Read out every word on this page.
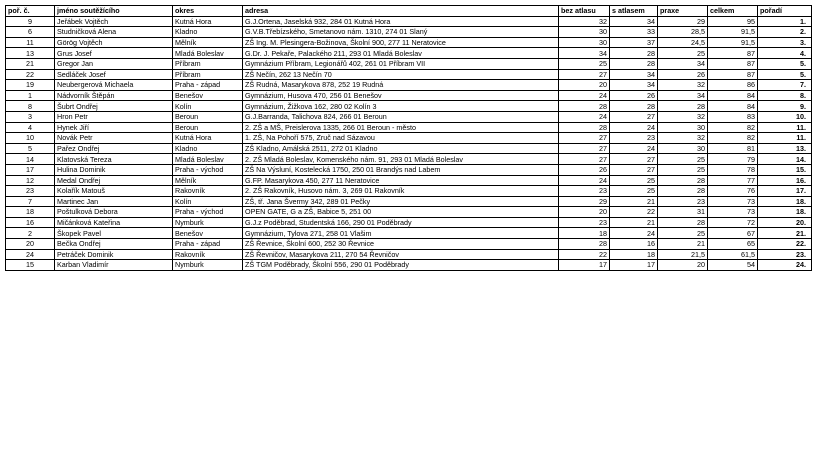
poř. č.	jméno soutěžícího	okres	adresa	bez atlasu	s atlasem	praxe	celkem	pořadí
9	Jeřábek Vojtěch	Kutná Hora	G.J.Ortena, Jaselská 932, 284 01 Kutná Hora	32	34	29	95	1.
6	Studničková Alena	Kladno	G.V.B.Třebízského, Smetanovo nám. 1310, 274 01 Slaný	30	33	28,5	91,5	2.
11	Görög Vojtěch	Mělník	ZŠ Ing. M. Plesingera-Božinova, Školní 900, 277 11 Neratovice	30	37	24,5	91,5	3.
13	Grus Josef	Mladá Boleslav	G.Dr. J. Pekaře, Palackého 211, 293 01 Mladá Boleslav	34	28	25	87	4.
21	Gregor Jan	Příbram	Gymnázium Příbram, Legionářů 402, 261 01 Příbram VII	25	28	34	87	5.
22	Sedláček Josef	Příbram	ZŠ Nečín, 262 13 Nečín 70	27	34	26	87	5.
19	Neubergerová Michaela	Praha - západ	ZŠ Rudná, Masarykova 878, 252 19 Rudná	20	34	32	86	7.
1	Nádvorník Štěpán	Benešov	Gymnázium, Husova 470, 256 01 Benešov	24	26	34	84	8.
8	Šubrt Ondřej	Kolín	Gymnázium, Žižkova 162, 280 02 Kolín 3	28	28	28	84	9.
3	Hron Petr	Beroun	G.J.Barranda, Talichova 824, 266 01 Beroun	24	27	32	83	10.
4	Hynek Jiří	Beroun	2. ZŠ a MŠ, Preislerova 1335, 266 01 Beroun - město	28	24	30	82	11.
10	Novák Petr	Kutná Hora	1. ZŠ, Na Pohoří 575, Zruč nad Sázavou	27	23	32	82	11.
5	Pařez Ondřej	Kladno	ZŠ Kladno, Amálská 2511, 272 01 Kladno	27	24	30	81	13.
14	Klatovská Tereza	Mladá Boleslav	2. ZŠ Mladá Boleslav, Komenského nám. 91, 293 01 Mladá Boleslav	27	27	25	79	14.
17	Hulina Dominik	Praha - východ	ZŠ Na Výsluní, Kostelecká 1750, 250 01 Brandýs nad Labem	26	27	25	78	15.
12	Medal Ondřej	Mělník	G.FP. Masarykova 450, 277 11 Neratovice	24	25	28	77	16.
23	Kolařík Matouš	Rakovník	2. ZŠ Rakovník, Husovo nám. 3, 269 01 Rakovník	23	25	28	76	17.
7	Martinec Jan	Kolín	ZŠ, tř. Jana Švermy 342, 289 01 Pečky	29	21	23	73	18.
18	Poštulková Debora	Praha - východ	OPEN GATE, G a ZŠ, Babice 5, 251 00	20	22	31	73	18.
16	Mičánková Kateřina	Nymburk	G.J.z Poděbrad, Studentská 166, 290 01 Poděbrady	23	21	28	72	20.
2	Škopek Pavel	Benešov	Gymnázium, Tylova 271, 258 01 Vlašim	18	24	25	67	21.
20	Bečka Ondřej	Praha - západ	ZŠ Řevnice, Školní 600, 252 30 Řevnice	28	16	21	65	22.
24	Petráček Dominik	Rakovník	ZŠ Řevničov, Masarykova 211, 270 54 Řevničov	22	18	21,5	61,5	23.
15	Karban Vladimír	Nymburk	ZŠ TGM Poděbrady, Školní 556, 290 01 Poděbrady	17	17	20	54	24.
